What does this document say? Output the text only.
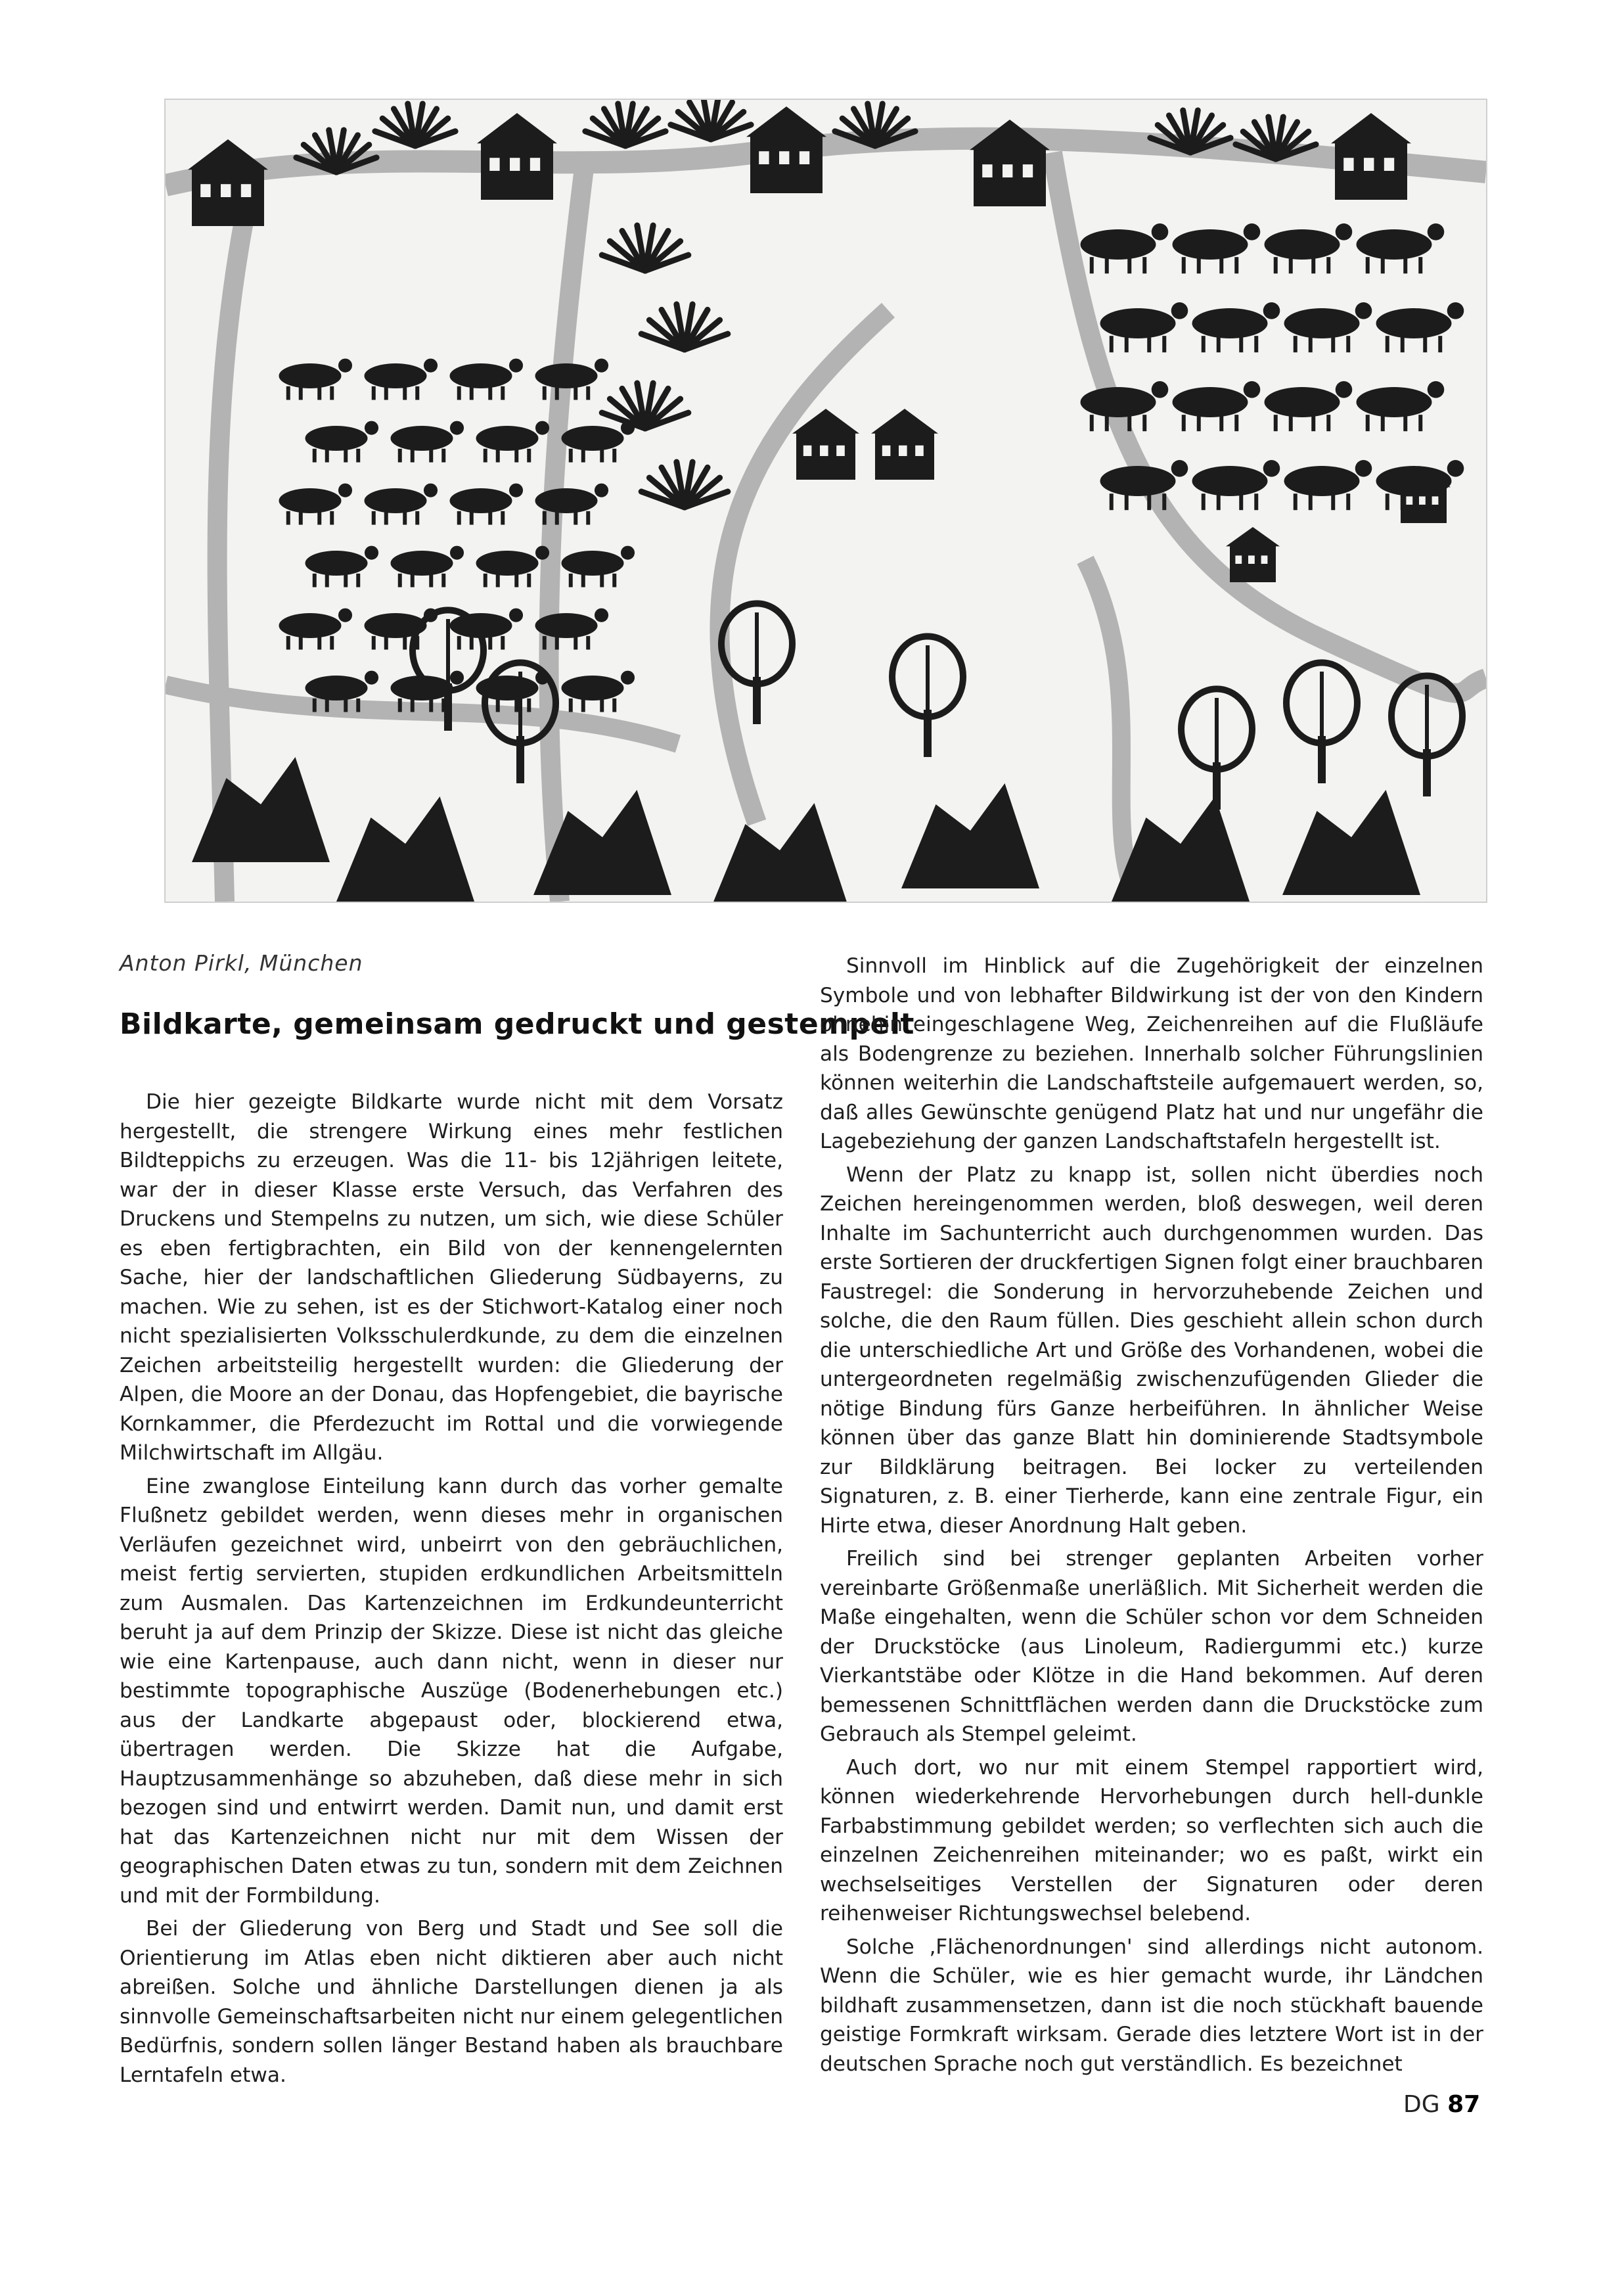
Anton Pirkl, München
Bildkarte, gemeinsam gedruckt und gestempelt

Die hier gezeigte Bildkarte wurde nicht mit dem Vorsatz hergestellt, die strengere Wirkung eines mehr festlichen Bildteppichs zu erzeugen. Was die 11- bis 12jährigen leitete, war der in dieser Klasse erste Versuch, das Verfahren des Druckens und Stempelns zu nutzen, um sich, wie diese Schüler es eben fertigbrachten, ein Bild von der kennengelernten Sache, hier der landschaftlichen Gliederung Südbayerns, zu machen. Wie zu sehen, ist es der Stichwort-Katalog einer noch nicht spezialisierten Volksschulerdkunde, zu dem die einzelnen Zeichen arbeitsteilig hergestellt wurden: die Gliederung der Alpen, die Moore an der Donau, das Hopfengebiet, die bayrische Kornkammer, die Pferdezucht im Rottal und die vorwiegende Milchwirtschaft im Allgäu.

Eine zwanglose Einteilung kann durch das vorher gemalte Flußnetz gebildet werden, wenn dieses mehr in organischen Verläufen gezeichnet wird, unbeirrt von den gebräuchlichen, meist fertig servierten, stupiden erdkundlichen Arbeitsmitteln zum Ausmalen. Das Kartenzeichnen im Erdkundeunterricht beruht ja auf dem Prinzip der Skizze. Diese ist nicht das gleiche wie eine Kartenpause, auch dann nicht, wenn in dieser nur bestimmte topographische Auszüge (Bodenerhebungen etc.) aus der Landkarte abgepaust oder, blockierend etwa, übertragen werden. Die Skizze hat die Aufgabe, Hauptzusammenhänge so abzuheben, daß diese mehr in sich bezogen sind und entwirrt werden. Damit nun, und damit erst hat das Kartenzeichnen nicht nur mit dem Wissen der geographischen Daten etwas zu tun, sondern mit dem Zeichnen und mit der Formbildung.

Bei der Gliederung von Berg und Stadt und See soll die Orientierung im Atlas eben nicht diktieren aber auch nicht abreißen. Solche und ähnliche Darstellungen dienen ja als sinnvolle Gemeinschaftsarbeiten nicht nur einem gelegentlichen Bedürfnis, sondern sollen länger Bestand haben als brauchbare Lerntafeln etwa.

Sinnvoll im Hinblick auf die Zugehörigkeit der einzelnen Symbole und von lebhafter Bildwirkung ist der von den Kindern ohnehin eingeschlagene Weg, Zeichenreihen auf die Flußläufe als Bodengrenze zu beziehen. Innerhalb solcher Führungslinien können weiterhin die Landschaftsteile aufgemauert werden, so, daß alles Gewünschte genügend Platz hat und nur ungefähr die Lagebeziehung der ganzen Landschaftstafeln hergestellt ist.

Wenn der Platz zu knapp ist, sollen nicht überdies noch Zeichen hereingenommen werden, bloß deswegen, weil deren Inhalte im Sachunterricht auch durchgenommen wurden. Das erste Sortieren der druckfertigen Signen folgt einer brauchbaren Faustregel: die Sonderung in hervorzuhebende Zeichen und solche, die den Raum füllen. Dies geschieht allein schon durch die unterschiedliche Art und Größe des Vorhandenen, wobei die untergeordneten regelmäßig zwischenzufügenden Glieder die nötige Bindung fürs Ganze herbeiführen. In ähnlicher Weise können über das ganze Blatt hin dominierende Stadtsymbole zur Bildklärung beitragen. Bei locker zu verteilenden Signaturen, z. B. einer Tierherde, kann eine zentrale Figur, ein Hirte etwa, dieser Anordnung Halt geben.

Freilich sind bei strenger geplanten Arbeiten vorher vereinbarte Größenmaße unerläßlich. Mit Sicherheit werden die Maße eingehalten, wenn die Schüler schon vor dem Schneiden der Druckstöcke (aus Linoleum, Radiergummi etc.) kurze Vierkantstäbe oder Klötze in die Hand bekommen. Auf deren bemessenen Schnittflächen werden dann die Druckstöcke zum Gebrauch als Stempel geleimt.

Auch dort, wo nur mit einem Stempel rapportiert wird, können wiederkehrende Hervorhebungen durch hell-dunkle Farbabstimmung gebildet werden; so verflechten sich auch die einzelnen Zeichenreihen miteinander; wo es paßt, wirkt ein wechselseitiges Verstellen der Signaturen oder deren reihenweiser Richtungswechsel belebend.

Solche ‚Flächenordnungen' sind allerdings nicht autonom. Wenn die Schüler, wie es hier gemacht wurde, ihr Ländchen bildhaft zusammensetzen, dann ist die noch stückhaft bauende geistige Formkraft wirksam. Gerade dies letztere Wort ist in der deutschen Sprache noch gut verständlich. Es bezeichnet

DG 87
